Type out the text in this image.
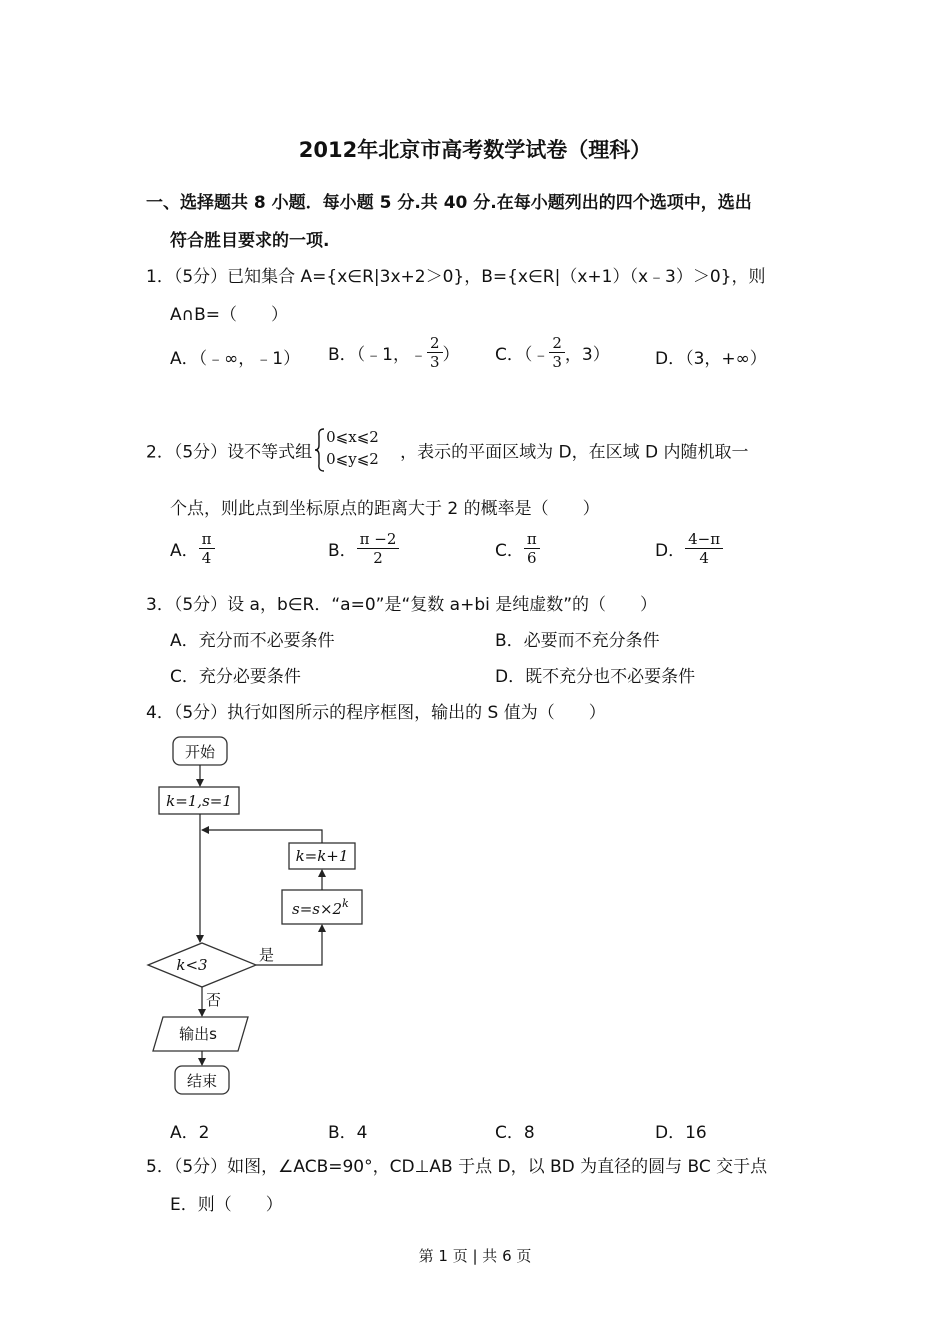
2012年北京市高考数学试卷（理科）
一、选择题共 8 小题．每小题 5 分.共 40 分.在每小题列出的四个选项中，选出
符合胜目要求的一项.
1．（5分）已知集合 A={x∈R|3x+2＞0}，B={x∈R|（x+1）（x﹣3）＞0}，则
A∩B=（　　）
A．（﹣∞，﹣1） B．（﹣1，﹣ $\frac{2}{3}$ ） C．（﹣ $\frac{2}{3}$ ，3）	D．（3，+∞）
2．（5分）设不等式组
0⩽x⩽2
0⩽y⩽2 ，表示的平面区域为 D，在区域 D 内随机取一
个点，则此点到坐标原点的距离大于 2 的概率是（　　）
A． $\frac{\pi}{4}$	B． $\frac{\pi -2}{2}$	C． $\frac{\pi}{6}$	D． $\frac{4-\pi}{4}$
3．（5分）设 a，b∈R．“a=0”是“复数 a+bi 是纯虚数”的（　　）
A．充分而不必要条件	B．必要而不充分条件
C．充分必要条件	D．既不充分也不必要条件
4．（5分）执行如图所示的程序框图，输出的 S 值为（　　）
开始
k=1,s=1
k=k+1
$s=s\times 2^k$
k<3
是
否
输出s
结束
A．2	B．4	C．8	D．16
5．（5分）如图，∠ACB=90°，CD⊥AB 于点 D，以 BD 为直径的圆与 BC 交于点
E．则（　　）
第 1 页 | 共 6 页
